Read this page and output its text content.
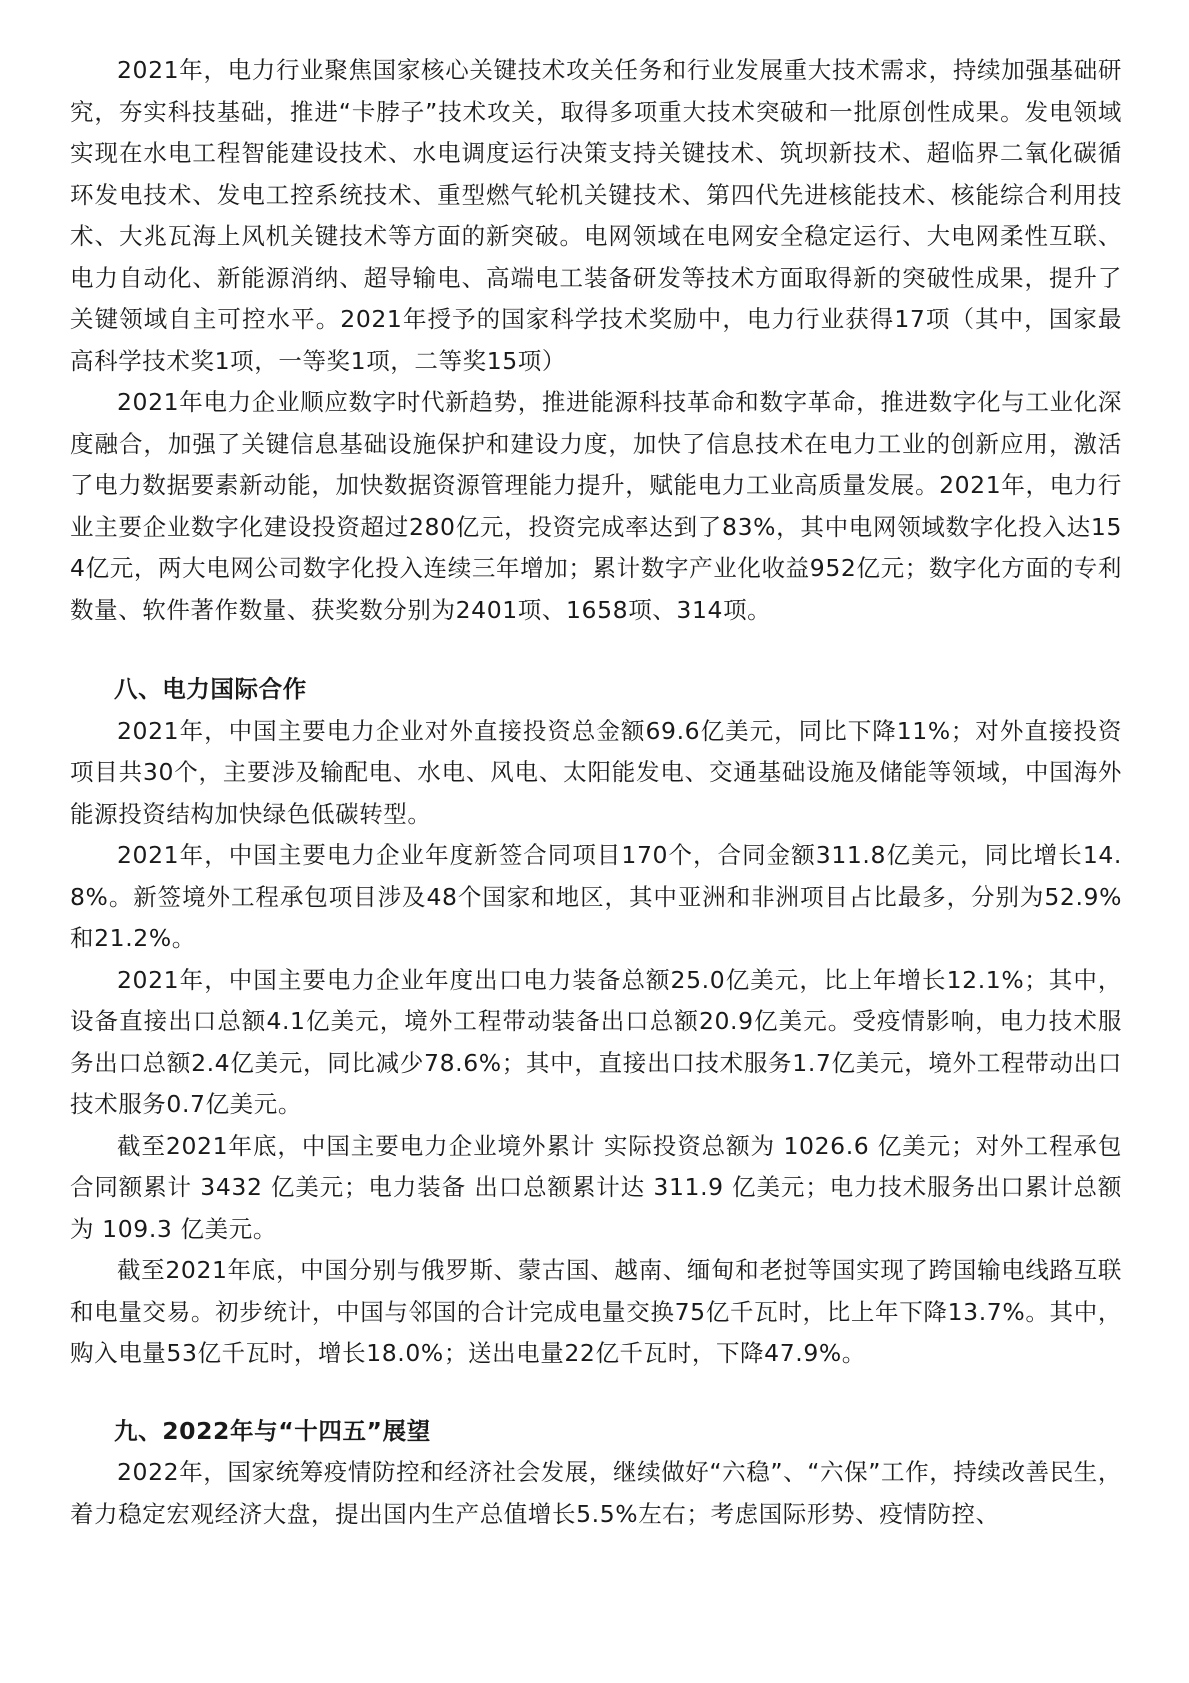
2021年，电力行业聚焦国家核心关键技术攻关任务和行业发展重大技术需求，持续加强基础研究，夯实科技基础，推进“卡脖子”技术攻关，取得多项重大技术突破和一批原创性成果。发电领域实现在水电工程智能建设技术、水电调度运行决策支持关键技术、筑坝新技术、超临界二氧化碳循环发电技术、发电工控系统技术、重型燃气轮机关键技术、第四代先进核能技术、核能综合利用技术、大兆瓦海上风机关键技术等方面的新突破。电网领域在电网安全稳定运行、大电网柔性互联、电力自动化、新能源消纳、超导输电、高端电工装备研发等技术方面取得新的突破性成果，提升了关键领域自主可控水平。2021年授予的国家科学技术奖励中，电力行业获得17项（其中，国家最高科学技术奖1项，一等奖1项，二等奖15项）

2021年电力企业顺应数字时代新趋势，推进能源科技革命和数字革命，推进数字化与工业化深度融合，加强了关键信息基础设施保护和建设力度，加快了信息技术在电力工业的创新应用，激活了电力数据要素新动能，加快数据资源管理能力提升，赋能电力工业高质量发展。2021年，电力行业主要企业数字化建设投资超过280亿元，投资完成率达到了83%，其中电网领域数字化投入达154亿元，两大电网公司数字化投入连续三年增加；累计数字产业化收益952亿元；数字化方面的专利数量、软件著作数量、获奖数分别为2401项、1658项、314项。

八、电力国际合作

2021年，中国主要电力企业对外直接投资总金额69.6亿美元，同比下降11%；对外直接投资项目共30个，主要涉及输配电、水电、风电、太阳能发电、交通基础设施及储能等领域，中国海外能源投资结构加快绿色低碳转型。

2021年，中国主要电力企业年度新签合同项目170个，合同金额311.8亿美元，同比增长14.8%。新签境外工程承包项目涉及48个国家和地区，其中亚洲和非洲项目占比最多，分别为52.9%和21.2%。

2021年，中国主要电力企业年度出口电力装备总额25.0亿美元，比上年增长12.1%；其中，设备直接出口总额4.1亿美元，境外工程带动装备出口总额20.9亿美元。受疫情影响，电力技术服务出口总额2.4亿美元，同比减少78.6%；其中，直接出口技术服务1.7亿美元，境外工程带动出口技术服务0.7亿美元。

截至2021年底，中国主要电力企业境外累计 实际投资总额为 1026.6 亿美元；对外工程承包合同额累计 3432 亿美元；电力装备 出口总额累计达 311.9 亿美元；电力技术服务出口累计总额为 109.3 亿美元。

截至2021年底，中国分别与俄罗斯、蒙古国、越南、缅甸和老挝等国实现了跨国输电线路互联和电量交易。初步统计，中国与邻国的合计完成电量交换75亿千瓦时，比上年下降13.7%。其中，购入电量53亿千瓦时，增长18.0%；送出电量22亿千瓦时，下降47.9%。

九、2022年与“十四五”展望

2022年，国家统筹疫情防控和经济社会发展，继续做好“六稳”、“六保”工作，持续改善民生，着力稳定宏观经济大盘，提出国内生产总值增长5.5%左右；考虑国际形势、疫情防控、
